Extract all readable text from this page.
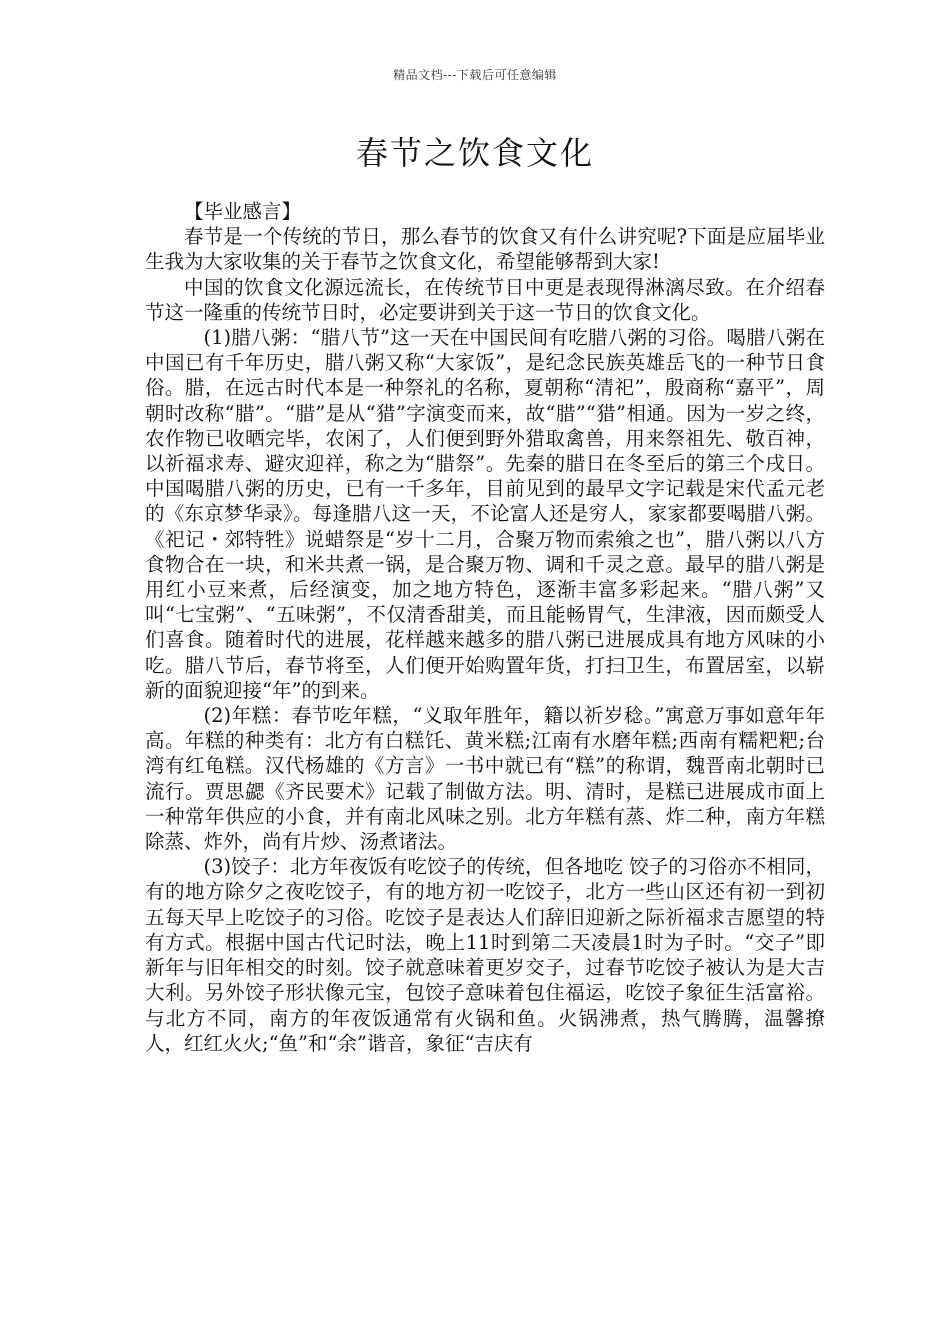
精品文档---下载后可任意编辑
春节之饮食文化

【毕业感言】

春节是一个传统的节日，那么春节的饮食又有什么讲究呢?下面是应届毕业生我为大家收集的关于春节之饮食文化，希望能够帮到大家!

中国的饮食文化源远流长，在传统节日中更是表现得淋漓尽致。在介绍春节这一隆重的传统节日时，必定要讲到关于这一节日的饮食文化。

(1)腊八粥：“腊八节”这一天在中国民间有吃腊八粥的习俗。喝腊八粥在中国已有千年历史，腊八粥又称“大家饭”，是纪念民族英雄岳飞的一种节日食俗。腊，在远古时代本是一种祭礼的名称，夏朝称“清祀”，殷商称“嘉平”，周朝时改称“腊”。“腊”是从“猎”字演变而来，故“腊”“猎”相通。因为一岁之终，农作物已收晒完毕，农闲了，人们便到野外猎取禽兽，用来祭祖先、敬百神，以祈福求寿、避灾迎祥，称之为“腊祭”。先秦的腊日在冬至后的第三个戌日。中国喝腊八粥的历史，已有一千多年，目前见到的最早文字记载是宋代孟元老的《东京梦华录》。每逢腊八这一天，不论富人还是穷人，家家都要喝腊八粥。《祀记・郊特牲》说蜡祭是“岁十二月，合聚万物而索飨之也”，腊八粥以八方食物合在一块，和米共煮一锅，是合聚万物、调和千灵之意。最早的腊八粥是用红小豆来煮，后经演变，加之地方特色，逐渐丰富多彩起来。“腊八粥”又叫“七宝粥”、“五味粥”，不仅清香甜美，而且能畅胃气，生津液，因而颇受人们喜食。随着时代的进展，花样越来越多的腊八粥已进展成具有地方风味的小吃。腊八节后，春节将至，人们便开始购置年货，打扫卫生，布置居室，以崭新的面貌迎接“年”的到来。

(2)年糕：春节吃年糕，“义取年胜年，籍以祈岁稔。”寓意万事如意年年高。年糕的种类有：北方有白糕饦、黄米糕;江南有水磨年糕;西南有糯粑粑;台湾有红龟糕。汉代杨雄的《方言》一书中就已有“糕”的称谓，魏晋南北朝时已流行。贾思勰《齐民要术》记载了制做方法。明、清时，是糕已进展成市面上一种常年供应的小食，并有南北风味之别。北方年糕有蒸、炸二种，南方年糕除蒸、炸外，尚有片炒、汤煮诸法。

(3)饺子：北方年夜饭有吃饺子的传统，但各地吃 饺子的习俗亦不相同，有的地方除夕之夜吃饺子，有的地方初一吃饺子，北方一些山区还有初一到初五每天早上吃饺子的习俗。吃饺子是表达人们辞旧迎新之际祈福求吉愿望的特有方式。根据中国古代记时法，晚上11时到第二天凌晨1时为子时。“交子”即新年与旧年相交的时刻。饺子就意味着更岁交子，过春节吃饺子被认为是大吉大利。另外饺子形状像元宝，包饺子意味着包住福运，吃饺子象征生活富裕。与北方不同，南方的年夜饭通常有火锅和鱼。火锅沸煮，热气腾腾，温馨撩人，红红火火;“鱼”和“余”谐音，象征“吉庆有
